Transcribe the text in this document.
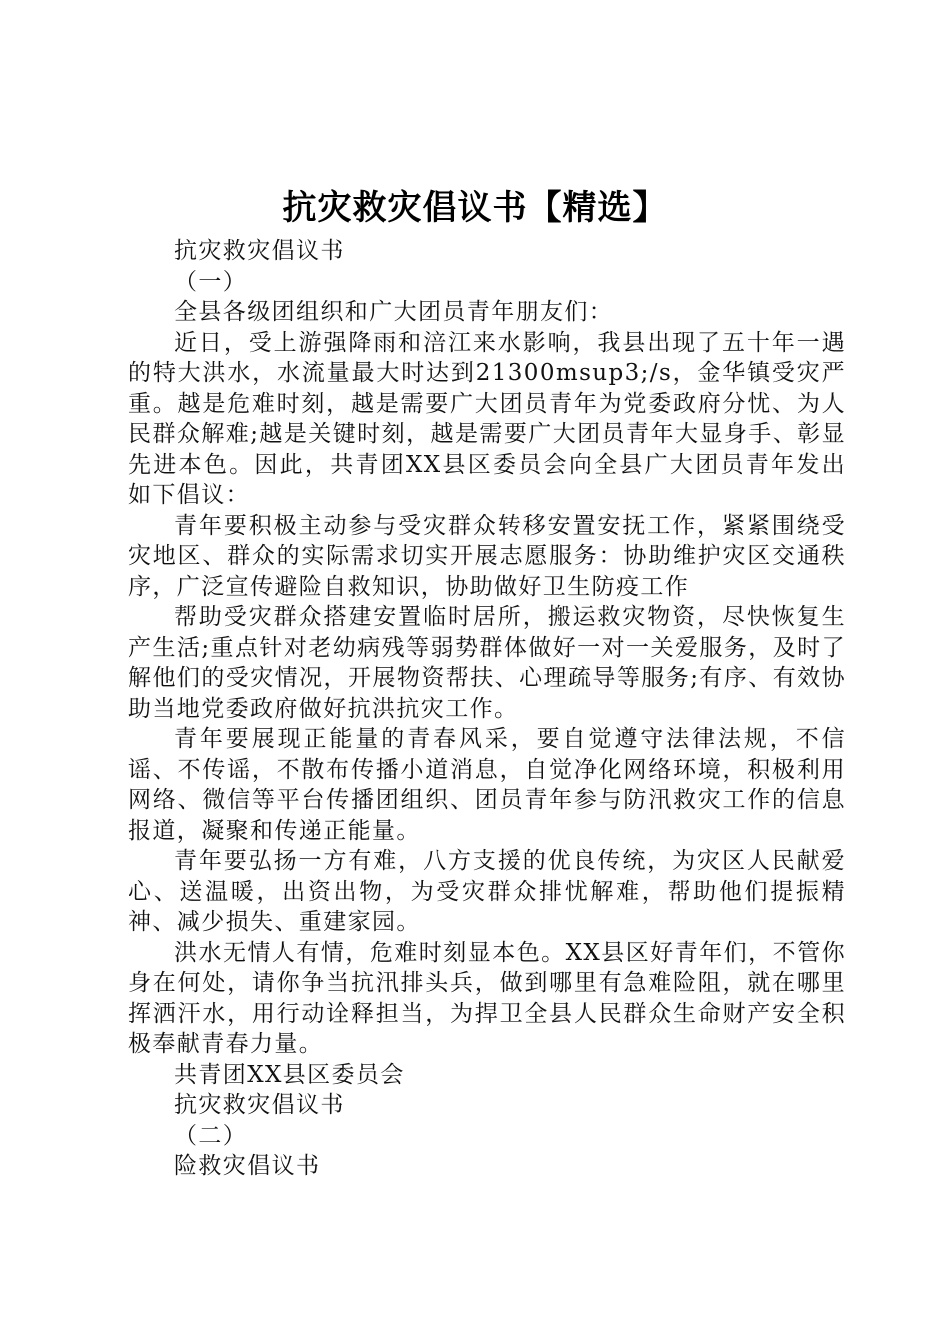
抗灾救灾倡议书【精选】

抗灾救灾倡议书

（一）

全县各级团组织和广大团员青年朋友们：

近日，受上游强降雨和涪江来水影响，我县出现了五十年一遇的特大洪水，水流量最大时达到21300msup3;/s，金华镇受灾严重。越是危难时刻，越是需要广大团员青年为党委政府分忧、为人民群众解难;越是关键时刻，越是需要广大团员青年大显身手、彰显先进本色。因此，共青团XX县区委员会向全县广大团员青年发出如下倡议：

青年要积极主动参与受灾群众转移安置安抚工作，紧紧围绕受灾地区、群众的实际需求切实开展志愿服务：协助维护灾区交通秩序，广泛宣传避险自救知识，协助做好卫生防疫工作

帮助受灾群众搭建安置临时居所，搬运救灾物资，尽快恢复生产生活;重点针对老幼病残等弱势群体做好一对一关爱服务，及时了解他们的受灾情况，开展物资帮扶、心理疏导等服务;有序、有效协助当地党委政府做好抗洪抗灾工作。

青年要展现正能量的青春风采，要自觉遵守法律法规，不信谣、不传谣，不散布传播小道消息，自觉净化网络环境，积极利用网络、微信等平台传播团组织、团员青年参与防汛救灾工作的信息报道，凝聚和传递正能量。

青年要弘扬一方有难，八方支援的优良传统，为灾区人民献爱心、送温暖，出资出物，为受灾群众排忧解难，帮助他们提振精神、减少损失、重建家园。

洪水无情人有情，危难时刻显本色。XX县区好青年们，不管你身在何处，请你争当抗汛排头兵，做到哪里有急难险阻，就在哪里挥洒汗水，用行动诠释担当，为捍卫全县人民群众生命财产安全积极奉献青春力量。

共青团XX县区委员会

抗灾救灾倡议书

（二）

险救灾倡议书
